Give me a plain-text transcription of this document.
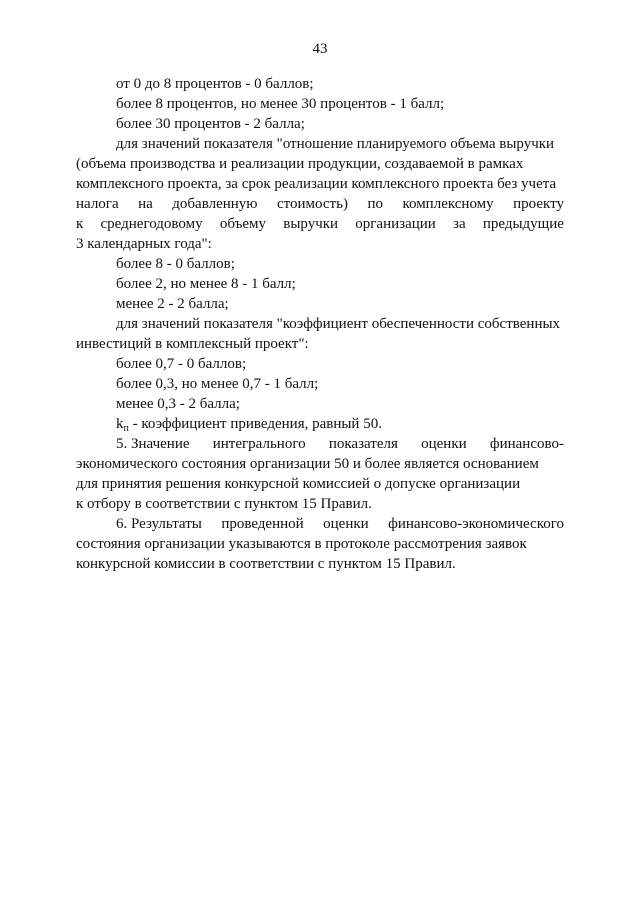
43
от 0 до 8 процентов - 0 баллов;
более 8 процентов, но менее 30 процентов - 1 балл;
более 30 процентов - 2 балла;
для значений показателя "отношение планируемого объема выручки
(объема производства и реализации продукции, создаваемой в рамках
комплексного проекта, за срок реализации комплексного проекта без учета
налога на добавленную стоимость) по комплексному проекту
к среднегодовому объему выручки организации за предыдущие
3 календарных года":
более 8 - 0 баллов;
более 2, но менее 8 - 1 балл;
менее 2 - 2 балла;
для значений показателя "коэффициент обеспеченности собственных
инвестиций в комплексный проект":
более 0,7 - 0 баллов;
более 0,3, но менее 0,7 - 1 балл;
менее 0,3 - 2 балла;
$k_п$ - коэффициент приведения, равный 50.
5. Значение интегрального показателя оценки финансово-
экономического состояния организации 50 и более является основанием
для принятия решения конкурсной комиссией о допуске организации
к отбору в соответствии с пунктом 15 Правил.
6. Результаты проведенной оценки финансово-экономического
состояния организации указываются в протоколе рассмотрения заявок
конкурсной комиссии в соответствии с пунктом 15 Правил.
